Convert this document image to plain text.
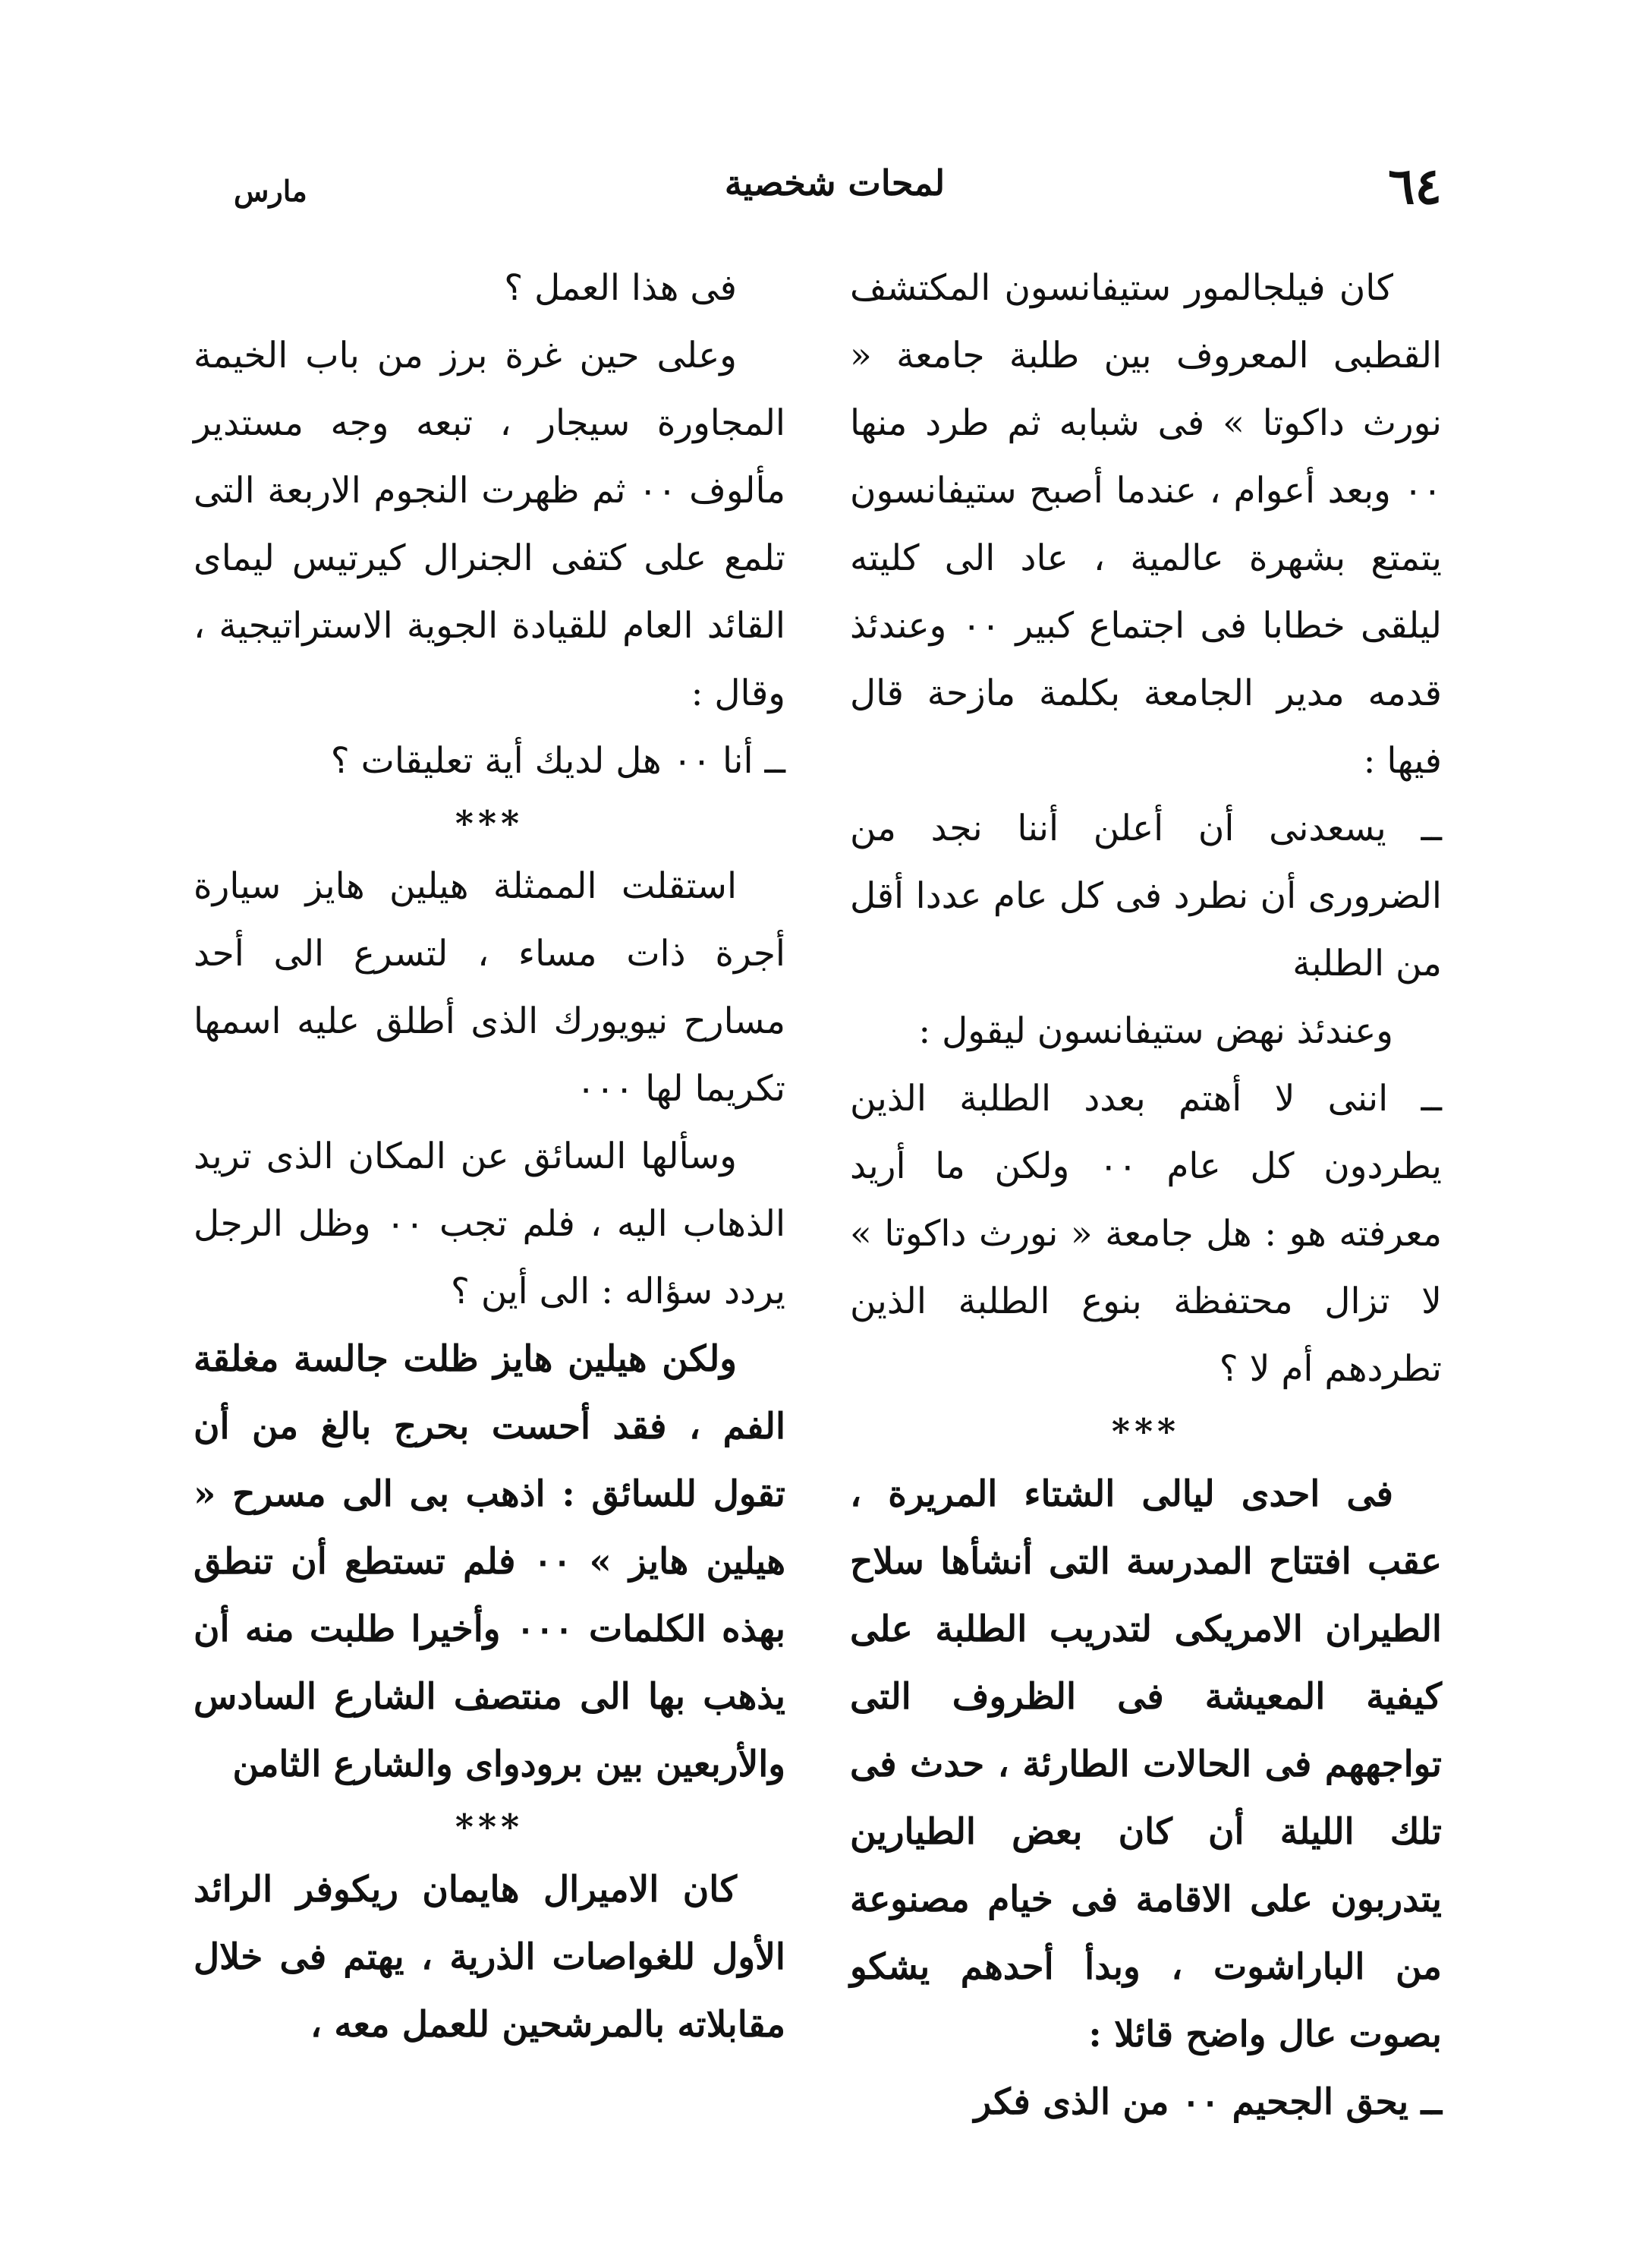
٦٤
لمحات شخصية
مارس

كان فيلجالمور ستيفانسون المكتشف القطبى المعروف بين طلبة جامعة « نورث داكوتا » فى شبابه ثم طرد منها ٠٠ وبعد أعوام ، عندما أصبح ستيفانسون يتمتع بشهرة عالمية ، عاد الى كليته ليلقى خطابا فى اجتماع كبير ٠٠ وعندئذ قدمه مدير الجامعة بكلمة مازحة قال فيها :

ــ يسعدنى أن أعلن أننا نجد من الضرورى أن نطرد فى كل عام عددا أقل من الطلبة

وعندئذ نهض ستيفانسون ليقول :

ــ اننى لا أهتم بعدد الطلبة الذين يطردون كل عام ٠٠ ولكن ما أريد معرفته هو : هل جامعة « نورث داكوتا » لا تزال محتفظة بنوع الطلبة الذين تطردهم أم لا ؟

***

فى احدى ليالى الشتاء المريرة ، عقب افتتاح المدرسة التى أنشأها سلاح الطيران الامريكى لتدريب الطلبة على كيفية المعيشة فى الظروف التى تواجههم فى الحالات الطارئة ، حدث فى تلك الليلة أن كان بعض الطيارين يتدربون على الاقامة فى خيام مصنوعة من الباراشوت ، وبدأ أحدهم يشكو بصوت عال واضح قائلا :

ــ يحق الجحيم ٠٠ من الذى فكر

فى هذا العمل ؟

وعلى حين غرة برز من باب الخيمة المجاورة سيجار ، تبعه وجه مستدير مألوف ٠٠ ثم ظهرت النجوم الاربعة التى تلمع على كتفى الجنرال كيرتيس ليماى القائد العام للقيادة الجوية الاستراتيجية ، وقال :

ــ أنا ٠٠ هل لديك أية تعليقات ؟

***

استقلت الممثلة هيلين هايز سيارة أجرة ذات مساء ، لتسرع الى أحد مسارح نيويورك الذى أطلق عليه اسمها تكريما لها ٠٠٠

وسألها السائق عن المكان الذى تريد الذهاب اليه ، فلم تجب ٠٠ وظل الرجل يردد سؤاله : الى أين ؟

ولكن هيلين هايز ظلت جالسة مغلقة الفم ، فقد أحست بحرج بالغ من أن تقول للسائق : اذهب بى الى مسرح « هيلين هايز » ٠٠ فلم تستطع أن تنطق بهذه الكلمات ٠٠٠ وأخيرا طلبت منه أن يذهب بها الى منتصف الشارع السادس والأربعين بين برودواى والشارع الثامن

***

كان الاميرال هايمان ريكوفر الرائد الأول للغواصات الذرية ، يهتم فى خلال مقابلاته بالمرشحين للعمل معه ،
